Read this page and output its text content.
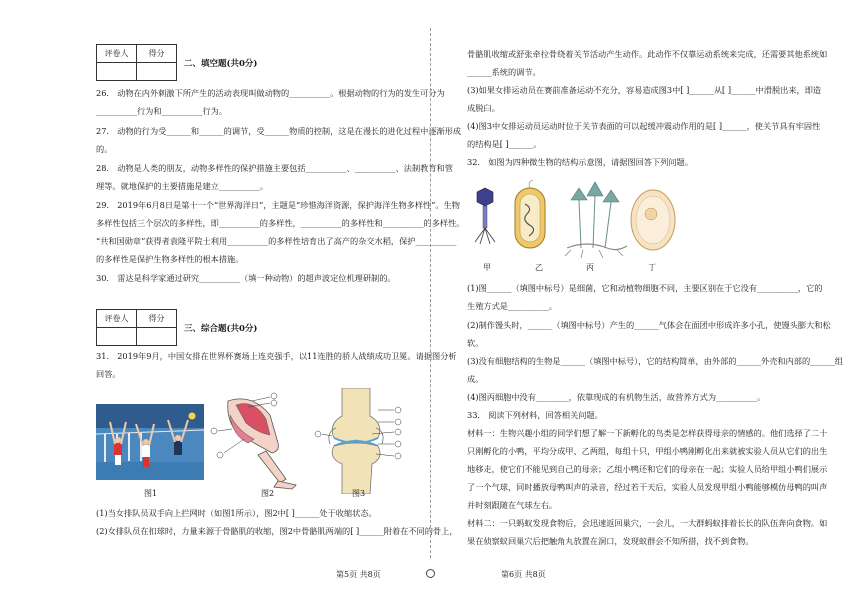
评卷人	得分

二、填空题(共0分)
26.　动物在内外刺激下所产生的活动表现叫做动物的__________。根据动物的行为的发生可分为
__________行为和__________行为。
27.　动物的行为受______和______的调节，受______物质的控制，这是在漫长的进化过程中逐渐形成
的。
28.　动物是人类的朋友，动物多样性的保护措施主要包括__________、__________、法制教育和管
理等。就地保护的主要措施是建立__________。
29.　2019年6月8日是第十一个“世界海洋日”，主题是“珍惜海洋资源，保护海洋生物多样性”。生物
多样性包括三个层次的多样性，即__________的多样性，__________的多样性和__________的多样性。
“共和国勋章”获得者袁隆平院士利用__________的多样性培育出了高产的杂交水稻，保护__________
的多样性是保护生物多样性的根本措施。
30.　雷达是科学家通过研究__________（填一种动物）的超声波定位机理研制的。
评卷人	得分

三、综合题(共0分)
31.　2019年9月，中国女排在世界杯赛场上连克强手，以11连胜的骄人战绩成功卫冕。请据图分析
回答。
图1	图2	图3
(1)当女排队员双手向上拦网时（如图1所示），图2中[ ]______处于收缩状态。
(2)女排队员在扣球时，力量来源于骨骼肌的收缩，图2中骨骼肌两端的[ ]______附着在不同的骨上，
第5页 共8页
骨骼肌收缩或舒张牵拉骨绕着关节活动产生动作。此动作不仅靠运动系统来完成，还需要其他系统如
______系统的调节。
(3)如果女排运动员在赛前准备运动不充分，容易造成图3中[ ]______从[ ]______中滑脱出来，即造
成脱臼。
(4)图3中女排运动员运动时位于关节表面的可以起缓冲震动作用的是[ ]______，使关节具有牢固性
的结构是[ ]______。
32.　如图为四种微生物的结构示意图，请据图回答下列问题。
甲	乙	丙	丁
(1)图______（填图中标号）是细菌，它和动植物细胞不同，主要区别在于它没有__________，它的
生殖方式是__________。
(2)制作馒头时，______（填图中标号）产生的______气体会在面团中形成许多小孔，使馒头膨大和松
软。
(3)没有细胞结构的生物是______（填图中标号），它的结构简单，由外部的______外壳和内部的______组
成。
(4)图丙细胞中没有________，依靠现成的有机物生活，故营养方式为__________。
33.　阅读下列材料，回答相关问题。
材料一：生物兴趣小组的同学们想了解一下新孵化的鸟类是怎样获得母亲的情感的。他们选择了二十
只刚孵化的小鸭，平均分成甲、乙两组，每组十只，甲组小鸭刚孵化出来就被实验人员从它们的出生
地移走，使它们不能见到自己的母亲；乙组小鸭还和它们的母亲在一起；实验人员给甲组小鸭们展示
了一个气球，同时播放母鸭叫声的录音，经过若干天后，实验人员发现甲组小鸭能够模仿母鸭的叫声
并时刻跟随在气球左右。
材料二：一只蚂蚁发现食物后，会迅速返回巢穴，一会儿，一大群蚂蚁排着长长的队伍奔向食物。如
果在侦察蚁回巢穴后把触角丸放置在洞口，发现蚁群会不知所措，找不到食物。
第6页 共8页
